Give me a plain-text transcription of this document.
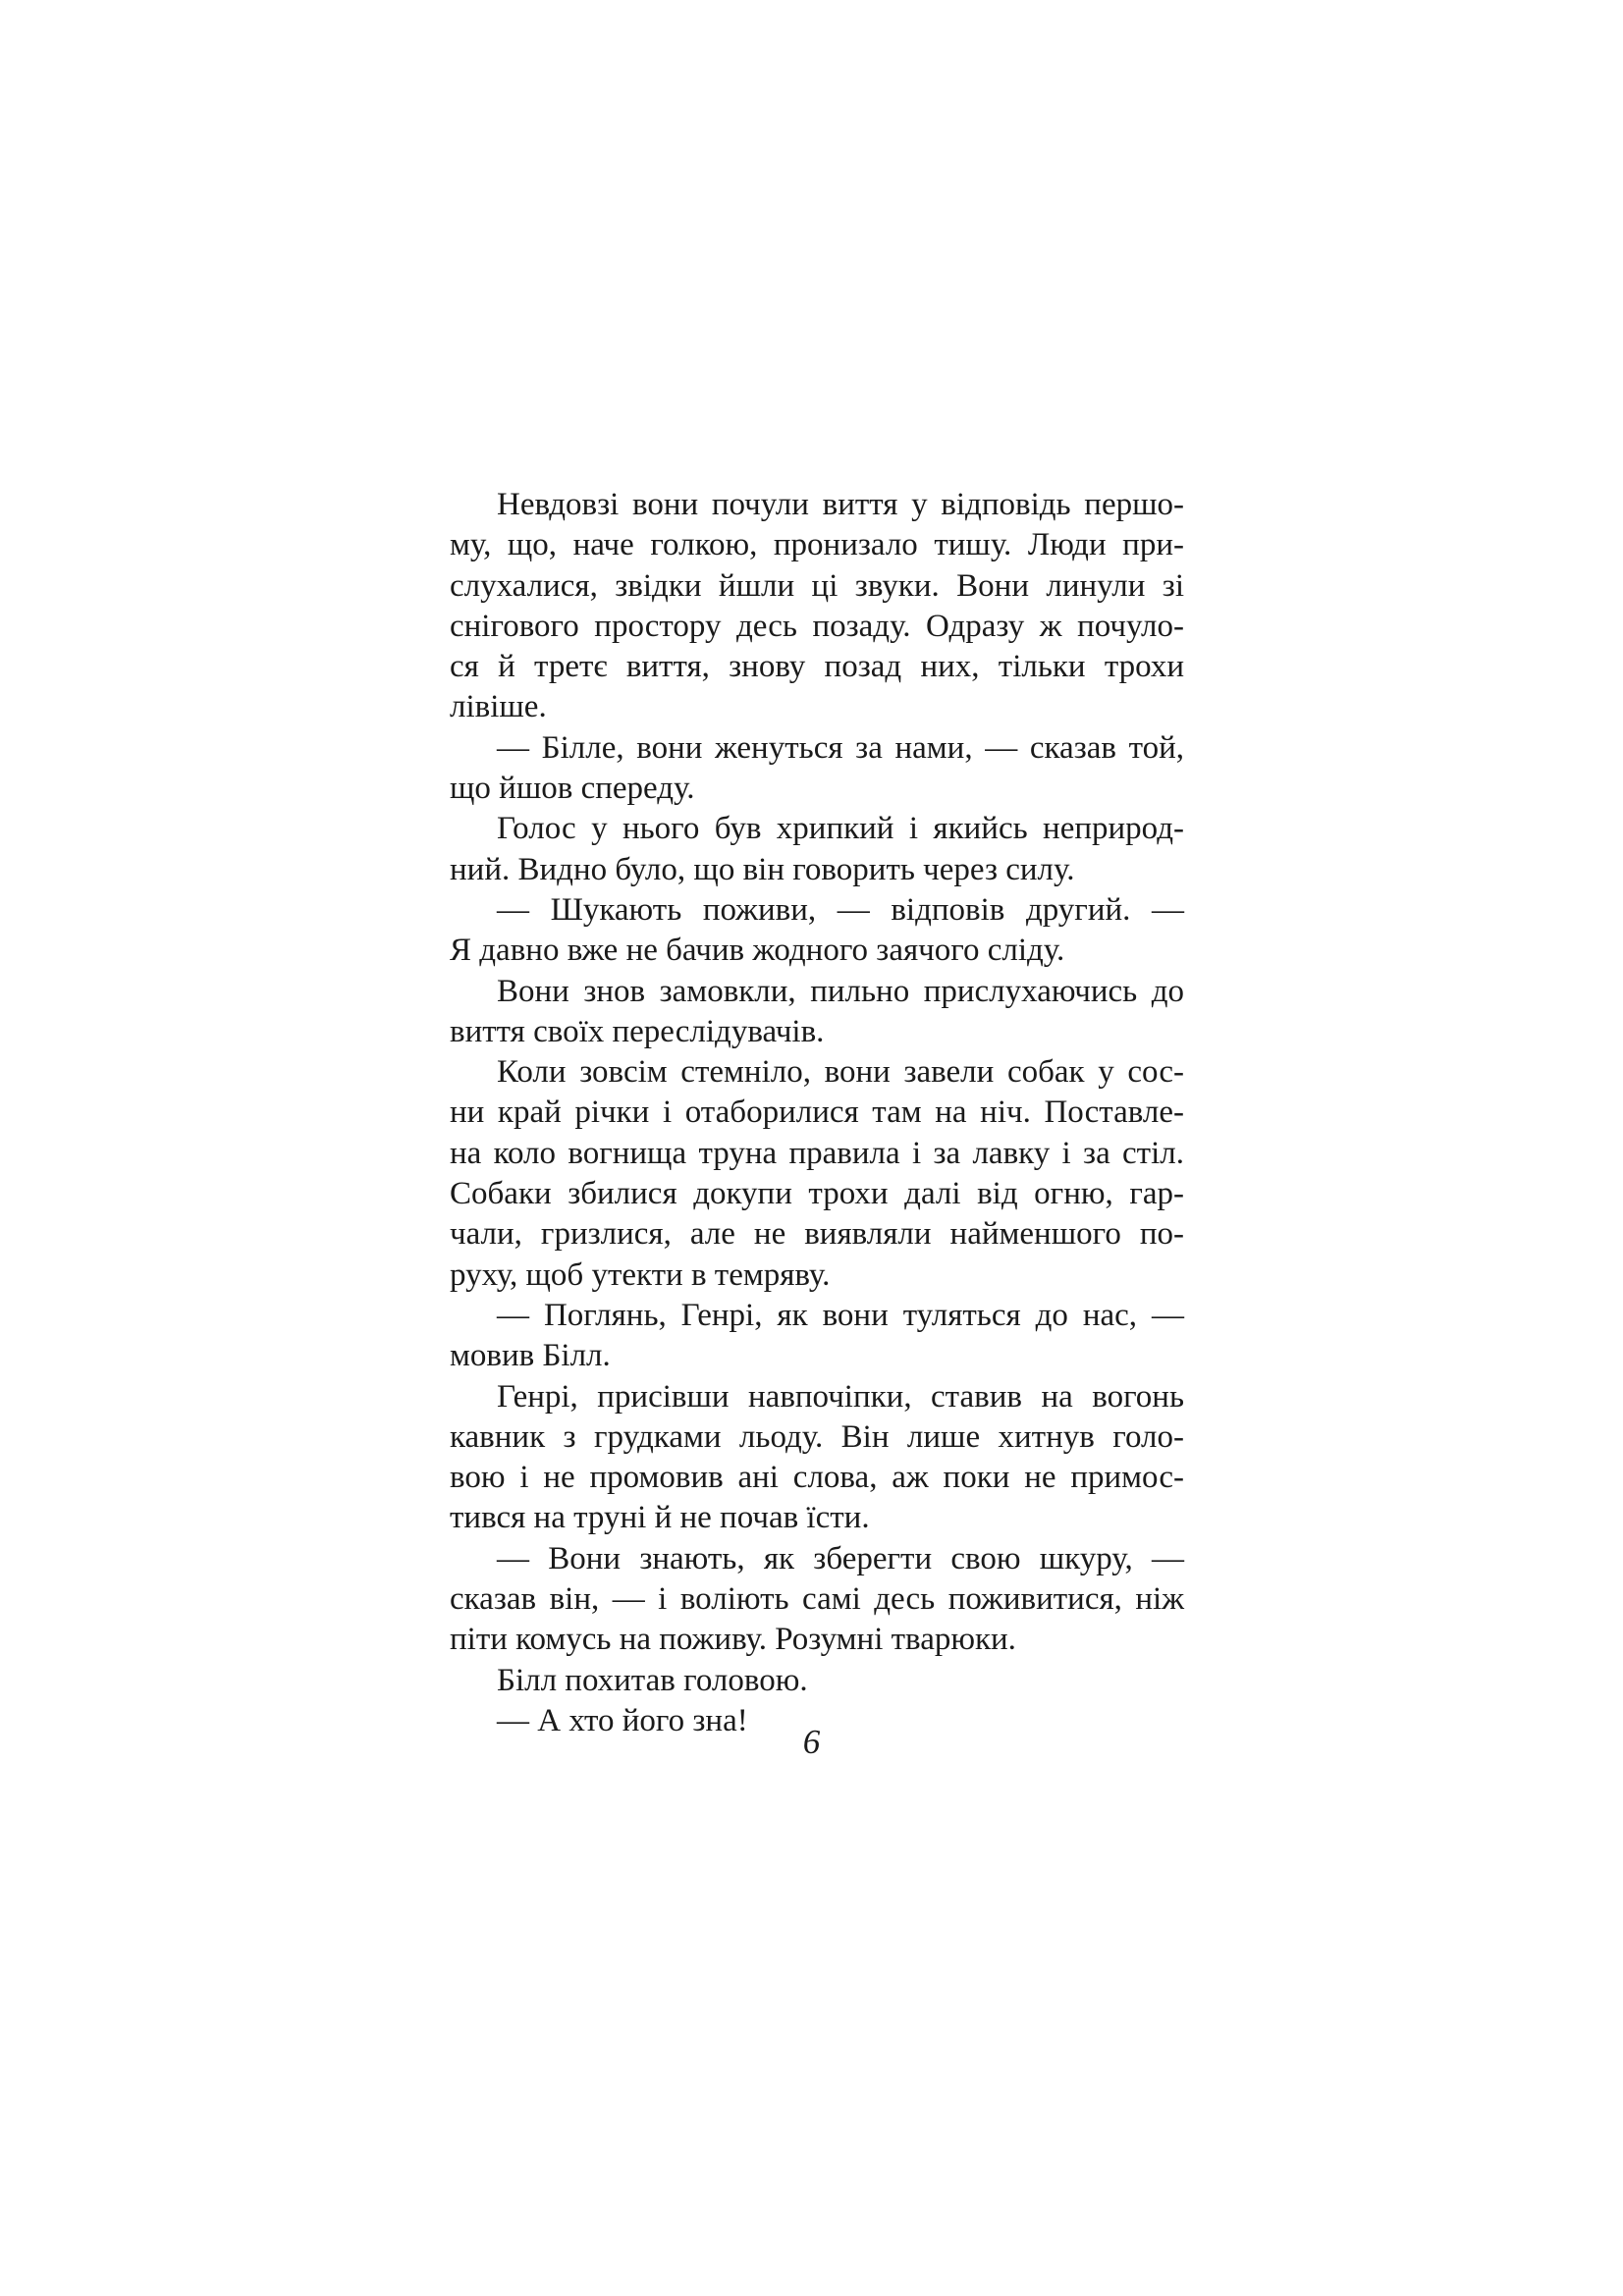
Невдовзі вони почули виття у відповідь першо-
му, що, наче голкою, пронизало тишу. Люди при-
слухалися, звідки йшли ці звуки. Вони линули зі
снігового простору десь позаду. Одразу ж почуло-
ся й третє виття, знову позад них, тільки трохи
лівіше.
— Білле, вони женуться за нами, — сказав той,
що йшов спереду.
Голос у нього був хрипкий і якийсь неприрод-
ний. Видно було, що він говорить через силу.
— Шукають поживи, — відповів другий. —
Я давно вже не бачив жодного заячого сліду.
Вони знов замовкли, пильно прислухаючись до
виття своїх переслідувачів.
Коли зовсім стемніло, вони завели собак у сос-
ни край річки і отаборилися там на ніч. Поставле-
на коло вогнища труна правила і за лавку і за стіл.
Собаки збилися докупи трохи далі від огню, гар-
чали, гризлися, але не виявляли найменшого по-
руху, щоб утекти в темряву.
— Поглянь, Генрі, як вони туляться до нас, —
мовив Білл.
Генрі, присівши навпочіпки, ставив на вогонь
кавник з грудками льоду. Він лише хитнув голо-
вою і не промовив ані слова, аж поки не примос-
тився на труні й не почав їсти.
— Вони знають, як зберегти свою шкуру, —
сказав він, — і воліють самі десь поживитися, ніж
піти комусь на поживу. Розумні тварюки.
Білл похитав головою.
— А хто його зна!
6
